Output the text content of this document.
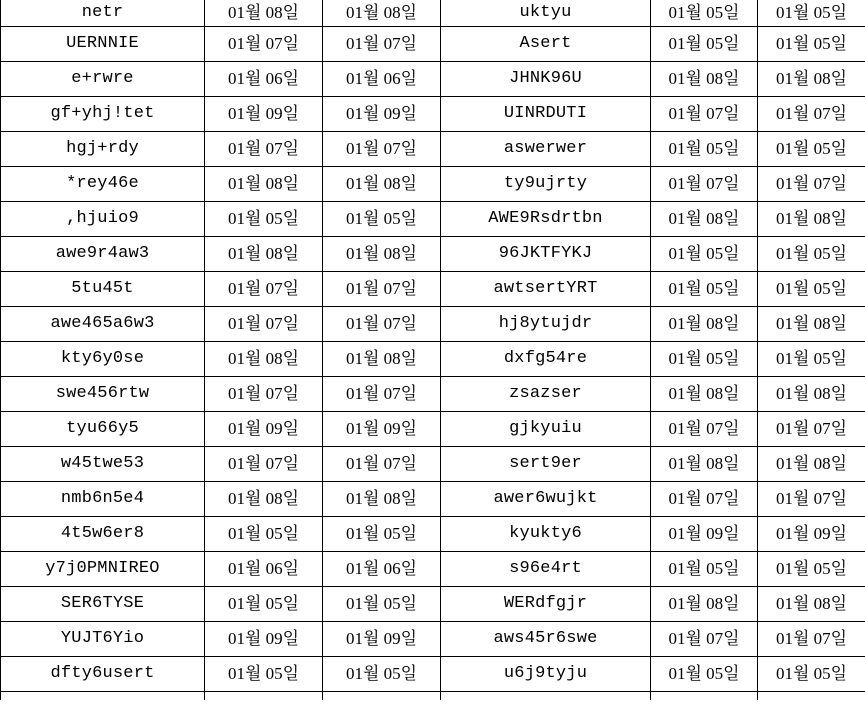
netr	01월 08일	01월 08일	uktyu	01월 05일	01월 05일
UERNNIE	01월 07일	01월 07일	Asert	01월 05일	01월 05일
e+rwre	01월 06일	01월 06일	JHNK96U	01월 08일	01월 08일
gf+yhj!tet	01월 09일	01월 09일	UINRDUTI	01월 07일	01월 07일
hgj+rdy	01월 07일	01월 07일	aswerwer	01월 05일	01월 05일
*rey46e	01월 08일	01월 08일	ty9ujrty	01월 07일	01월 07일
,hjuio9	01월 05일	01월 05일	AWE9Rsdrtbn	01월 08일	01월 08일
awe9r4aw3	01월 08일	01월 08일	96JKTFYKJ	01월 05일	01월 05일
5tu45t	01월 07일	01월 07일	awtsertYRT	01월 05일	01월 05일
awe465a6w3	01월 07일	01월 07일	hj8ytujdr	01월 08일	01월 08일
kty6y0se	01월 08일	01월 08일	dxfg54re	01월 05일	01월 05일
swe456rtw	01월 07일	01월 07일	zsazser	01월 08일	01월 08일
tyu66y5	01월 09일	01월 09일	gjkyuiu	01월 07일	01월 07일
w45twe53	01월 07일	01월 07일	sert9er	01월 08일	01월 08일
nmb6n5e4	01월 08일	01월 08일	awer6wujkt	01월 07일	01월 07일
4t5w6er8	01월 05일	01월 05일	kyukty6	01월 09일	01월 09일
y7j0PMNIREO	01월 06일	01월 06일	s96e4rt	01월 05일	01월 05일
SER6TYSE	01월 05일	01월 05일	WERdfgjr	01월 08일	01월 08일
YUJT6Yio	01월 09일	01월 09일	aws45r6swe	01월 07일	01월 07일
dfty6usert	01월 05일	01월 05일	u6j9tyju	01월 05일	01월 05일
